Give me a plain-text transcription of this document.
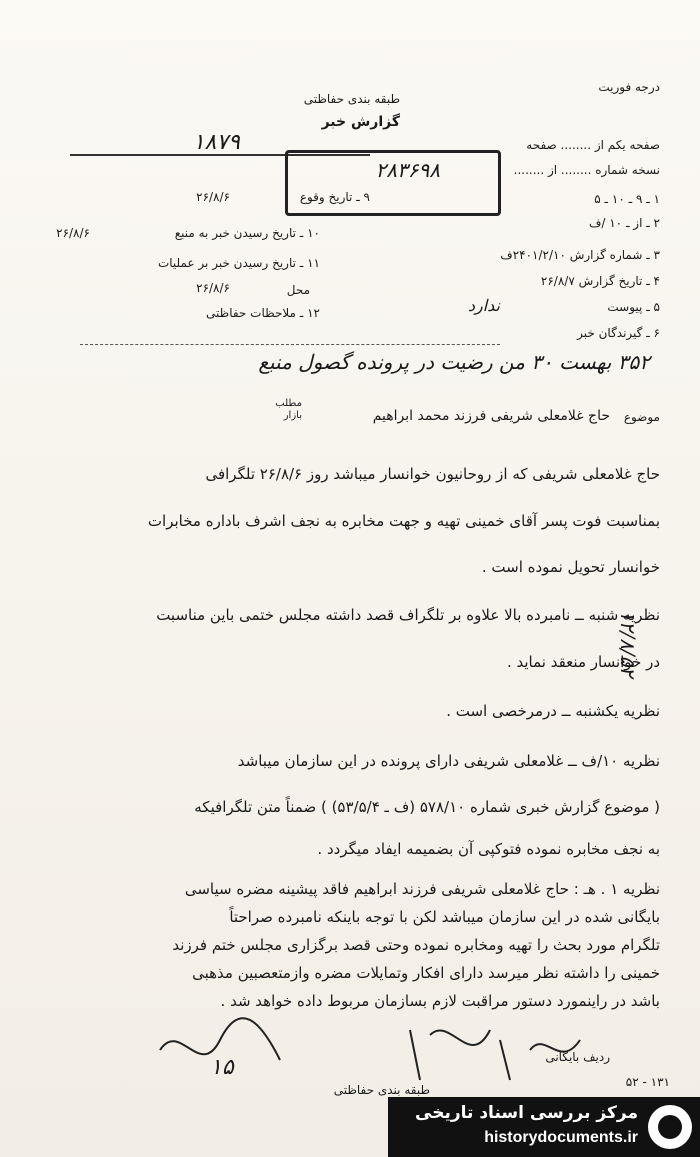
درجه فوریت
طبقه بندی حفاظتی
گزارش خبر
صفحه یکم از ........ صفحه
۱۸۷۹
نسخه شماره ........ از ........
۲۸۳۶۹۸
۱ ـ ۹ ـ ۱۰ ـ ۵
۹ ـ تاریخ وقوع
۲۶/۸/۶
۲ ـ از ـ ۱۰ /ف
۱۰ ـ تاریخ رسیدن خبر به منبع
۲۶/۸/۶
۳ ـ شماره گزارش ۲۴۰۱/۲/۱۰ف
۱۱ ـ تاریخ رسیدن خبر بر عملیات
۴ ـ تاریخ گزارش ۲۶/۸/۷
محل
۲۶/۸/۶
۵ ـ پیوست
ندارد
۱۲ ـ ملاحظات حفاظتی
۶ ـ گیرندگان خبر
۳۵۲ بهست ۳۰ من رضیت در پرونده گصول منبع
موضوع
حاج غلامعلی شریفی فرزند محمد ابراهیم
مطلب بازار
حاج غلامعلی شریفی که از روحانیون خوانسار میباشد روز ۲۶/۸/۶ تلگرافی
بمناسبت فوت پسر آقای خمینی تهیه و جهت مخابره به نجف اشرف باداره مخابرات
خوانسار تحویل نموده است .
نظریه شنبه ــ نامبرده بالا علاوه بر تلگراف قصد داشته مجلس ختمی باین مناسبت
در خوانسار منعقد نماید .
نظریه یکشنبه ــ درمرخصی است .
نظریه ۱۰/ف ــ غلامعلی شریفی دارای پرونده در این سازمان میباشد
( موضوع گزارش خبری شماره ۵۷۸/۱۰ (ف ـ ۵۳/۵/۴) ) ضمناً متن تلگرافیکه
به نجف مخابره نموده فتوکپی آن بضمیمه ایفاد میگردد .
نظریه ۱ . هـ : حاج غلامعلی شریفی فرزند ابراهیم فاقد پیشینه مضره سیاسی
بایگانی شده در این سازمان میباشد لکن با توجه باینکه نامبرده صراحتاً
تلگرام مورد بحث را تهیه ومخابره نموده وحتی قصد برگزاری مجلس ختم فرزند
خمینی را داشته نظر میرسد دارای افکار وتمایلات مضره وازمتعصبین مذهبی
باشد در راینمورد دستور مراقبت لازم بسازمان مربوط داده خواهد شد .
۱۵
طبقه بندی حفاظتی
ردیف بایگانی
۱۳۱ - ۵۲
۱۲/۸/۵۲
مرکز بررسی اسناد تاریخی
historydocuments.ir
